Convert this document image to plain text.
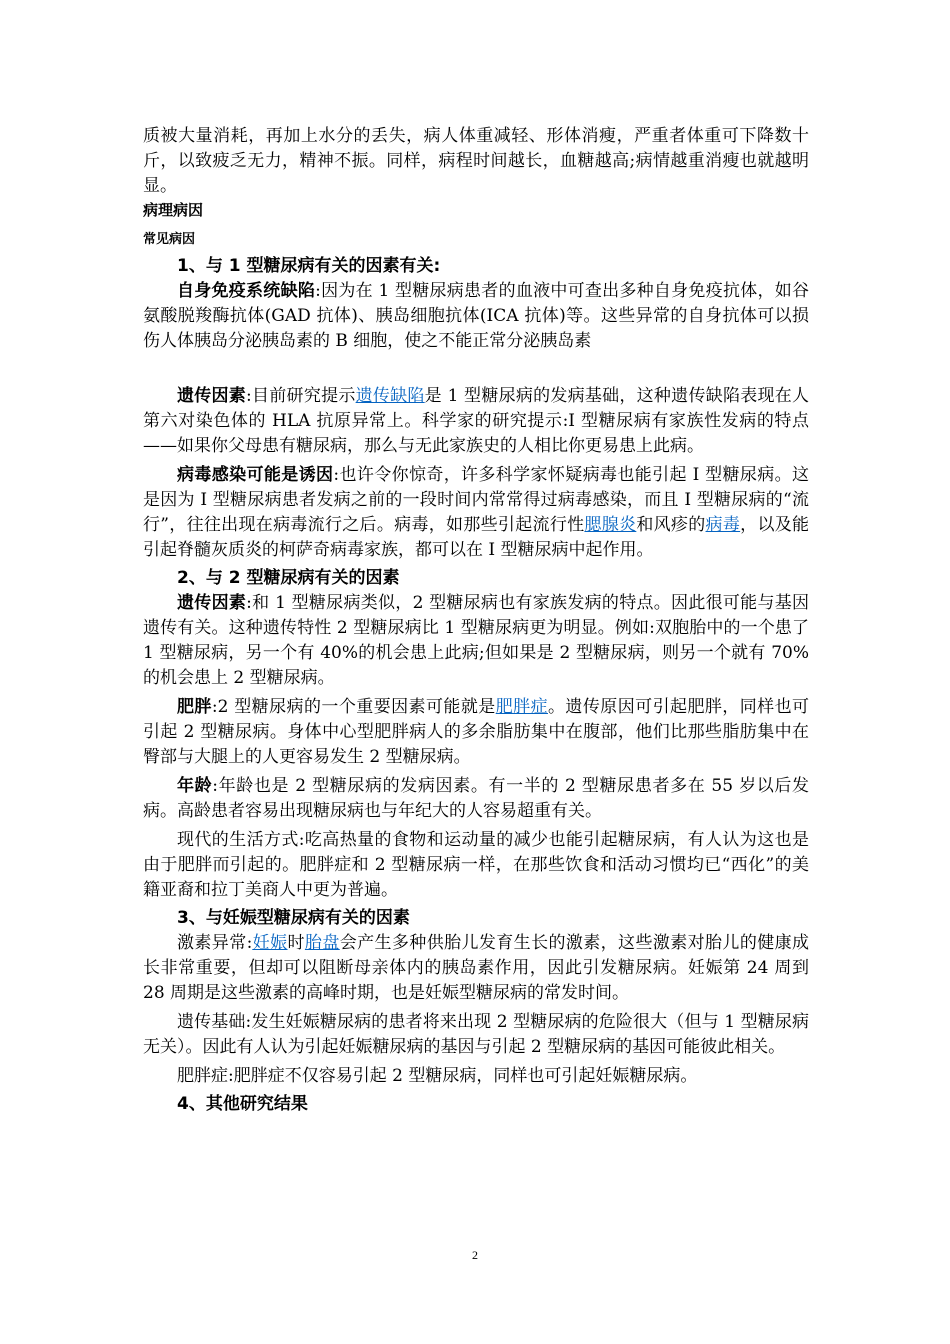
质被大量消耗，再加上水分的丢失，病人体重减轻、形体消瘦，严重者体重可下降数十斤，以致疲乏无力，精神不振。同样，病程时间越长，血糖越高;病情越重消瘦也就越明显。

病理病因

常见病因

1、与 1 型糖尿病有关的因素有关:

自身免疫系统缺陷:因为在 1 型糖尿病患者的血液中可查出多种自身免疫抗体，如谷氨酸脱羧酶抗体(GAD 抗体)、胰岛细胞抗体(ICA 抗体)等。这些异常的自身抗体可以损伤人体胰岛分泌胰岛素的 B 细胞，使之不能正常分泌胰岛素

遗传因素:目前研究提示遗传缺陷是 1 型糖尿病的发病基础，这种遗传缺陷表现在人第六对染色体的 HLA 抗原异常上。科学家的研究提示:I 型糖尿病有家族性发病的特点——如果你父母患有糖尿病，那么与无此家族史的人相比你更易患上此病。

病毒感染可能是诱因:也许令你惊奇，许多科学家怀疑病毒也能引起 I 型糖尿病。这是因为 I 型糖尿病患者发病之前的一段时间内常常得过病毒感染，而且 I 型糖尿病的“流行”，往往出现在病毒流行之后。病毒，如那些引起流行性腮腺炎和风疹的病毒，以及能引起脊髓灰质炎的柯萨奇病毒家族，都可以在 I 型糖尿病中起作用。

2、与 2 型糖尿病有关的因素

遗传因素:和 1 型糖尿病类似，2 型糖尿病也有家族发病的特点。因此很可能与基因遗传有关。这种遗传特性 2 型糖尿病比 1 型糖尿病更为明显。例如:双胞胎中的一个患了 1 型糖尿病，另一个有 40%的机会患上此病;但如果是 2 型糖尿病，则另一个就有 70%的机会患上 2 型糖尿病。

肥胖:2 型糖尿病的一个重要因素可能就是肥胖症。遗传原因可引起肥胖，同样也可引起 2 型糖尿病。身体中心型肥胖病人的多余脂肪集中在腹部，他们比那些脂肪集中在臀部与大腿上的人更容易发生 2 型糖尿病。

年龄:年龄也是 2 型糖尿病的发病因素。有一半的 2 型糖尿患者多在 55 岁以后发病。高龄患者容易出现糖尿病也与年纪大的人容易超重有关。

现代的生活方式:吃高热量的食物和运动量的减少也能引起糖尿病，有人认为这也是由于肥胖而引起的。肥胖症和 2 型糖尿病一样，在那些饮食和活动习惯均已“西化”的美籍亚裔和拉丁美商人中更为普遍。

3、与妊娠型糖尿病有关的因素

激素异常:妊娠时胎盘会产生多种供胎儿发育生长的激素，这些激素对胎儿的健康成长非常重要，但却可以阻断母亲体内的胰岛素作用，因此引发糖尿病。妊娠第 24 周到 28 周期是这些激素的高峰时期，也是妊娠型糖尿病的常发时间。

遗传基础:发生妊娠糖尿病的患者将来出现 2 型糖尿病的危险很大（但与 1 型糖尿病无关）。因此有人认为引起妊娠糖尿病的基因与引起 2 型糖尿病的基因可能彼此相关。

肥胖症:肥胖症不仅容易引起 2 型糖尿病，同样也可引起妊娠糖尿病。

4、其他研究结果

2
